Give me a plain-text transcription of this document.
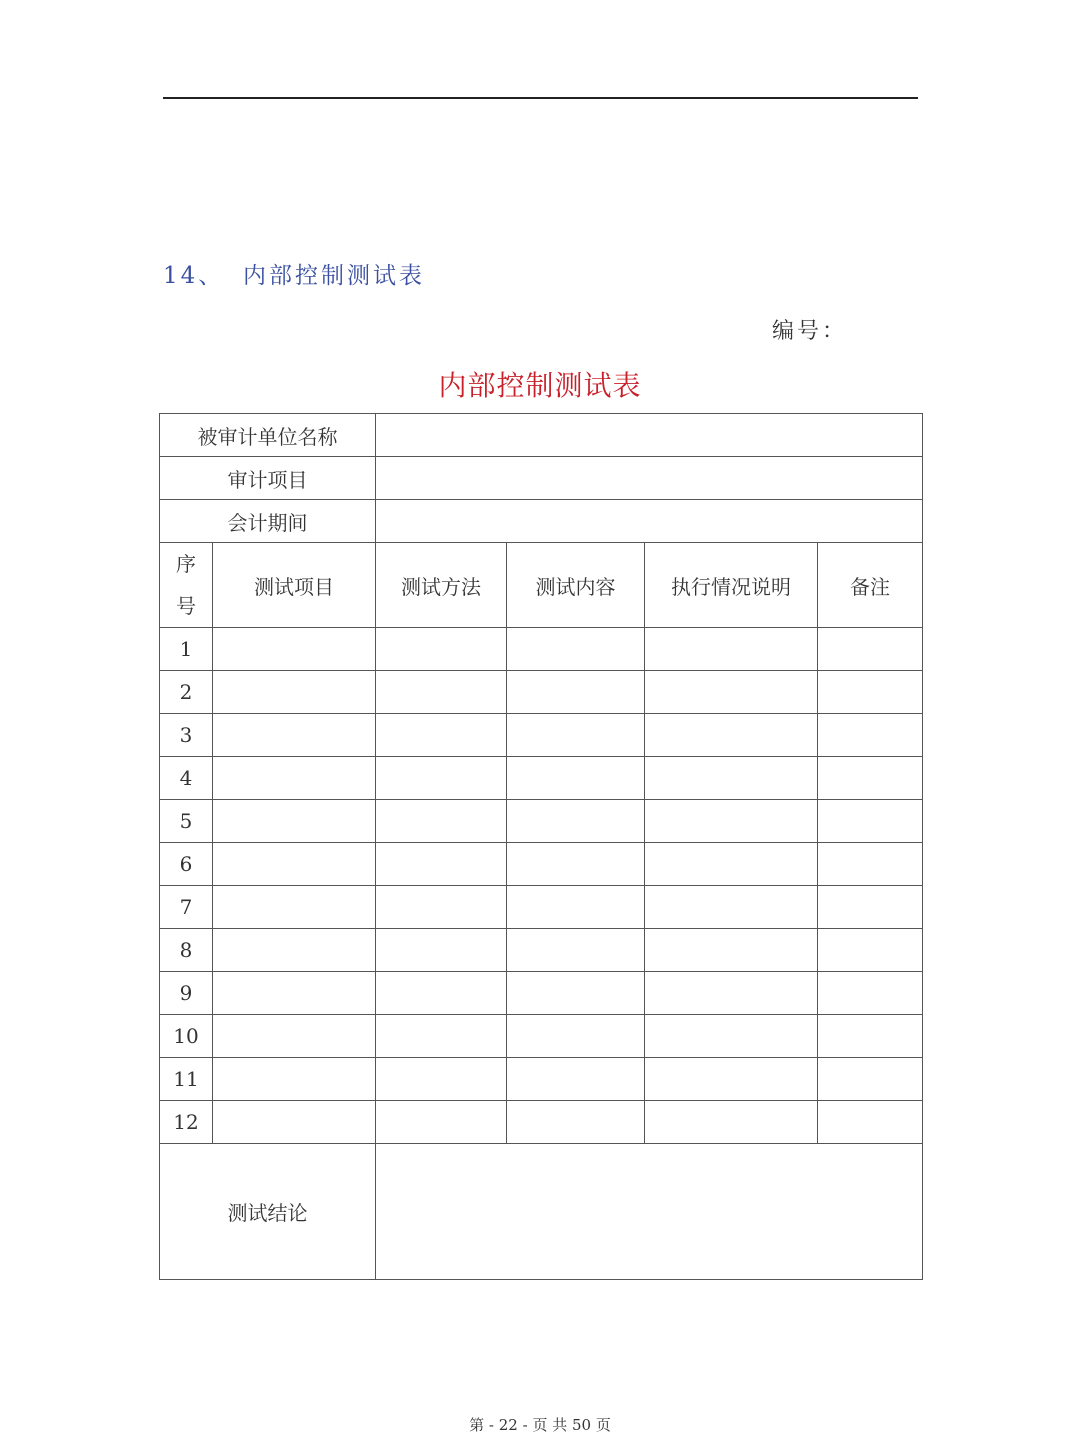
14、 内部控制测试表
编号：
内部控制测试表
被审计单位名称					
审计项目					
会计期间					
序
号	测试项目	测试方法	测试内容	执行情况说明	备注
1					
2					
3					
4					
5					
6					
7					
8					
9					
10					
11					
12					
测试结论					
第 - 22 - 页 共 50 页
